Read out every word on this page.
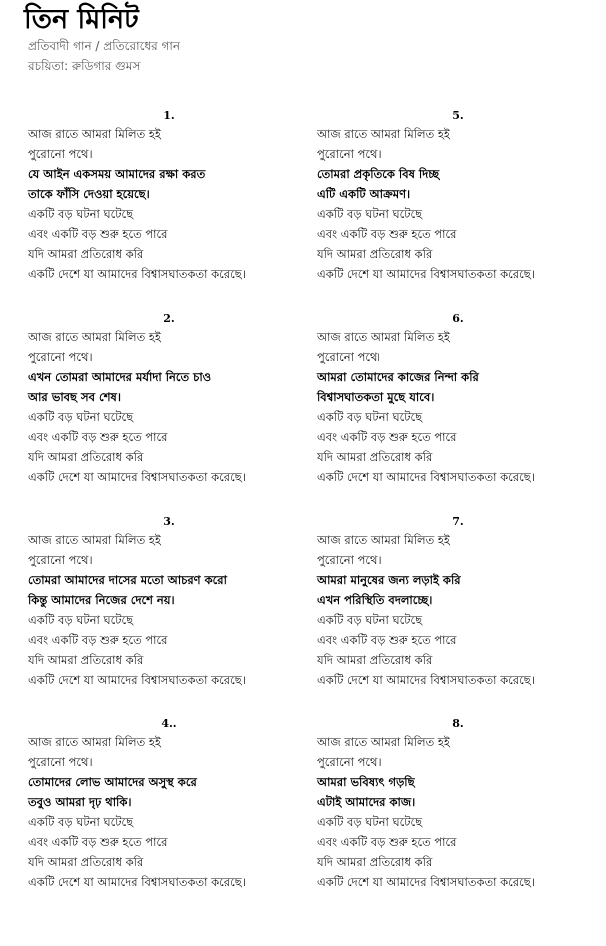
তিন মিনিট
প্রতিবাদী গান / প্রতিরোধের গান
রচয়িতা: রুডিগার গুমস
1.
আজ রাতে আমরা মিলিত হই
পুরোনো পথে।
যে আইন একসময় আমাদের রক্ষা করত
তাকে ফাঁসি দেওয়া হয়েছে।
একটি বড় ঘটনা ঘটেছে
এবং একটি বড় শুরু হতে পারে
যদি আমরা প্রতিরোধ করি
একটি দেশে যা আমাদের বিশ্বাসঘাতকতা করেছে।
2.
আজ রাতে আমরা মিলিত হই
পুরোনো পথে।
এখন তোমরা আমাদের মর্যাদা নিতে চাও
আর ভাবছ সব শেষ।
একটি বড় ঘটনা ঘটেছে
এবং একটি বড় শুরু হতে পারে
যদি আমরা প্রতিরোধ করি
একটি দেশে যা আমাদের বিশ্বাসঘাতকতা করেছে।
3.
আজ রাতে আমরা মিলিত হই
পুরোনো পথে।
তোমরা আমাদের দাসের মতো আচরণ করো
কিন্তু আমাদের নিজের দেশে নয়।
একটি বড় ঘটনা ঘটেছে
এবং একটি বড় শুরু হতে পারে
যদি আমরা প্রতিরোধ করি
একটি দেশে যা আমাদের বিশ্বাসঘাতকতা করেছে।
4..
আজ রাতে আমরা মিলিত হই
পুরোনো পথে।
তোমাদের লোভ আমাদের অসুস্থ করে
তবুও আমরা দৃঢ় থাকি।
একটি বড় ঘটনা ঘটেছে
এবং একটি বড় শুরু হতে পারে
যদি আমরা প্রতিরোধ করি
একটি দেশে যা আমাদের বিশ্বাসঘাতকতা করেছে।
5.
আজ রাতে আমরা মিলিত হই
পুরোনো পথে।
তোমরা প্রকৃতিকে বিষ দিচ্ছ
এটি একটি আক্রমণ।
একটি বড় ঘটনা ঘটেছে
এবং একটি বড় শুরু হতে পারে
যদি আমরা প্রতিরোধ করি
একটি দেশে যা আমাদের বিশ্বাসঘাতকতা করেছে।
6.
আজ রাতে আমরা মিলিত হই
পুরোনো পথে৷
আমরা তোমাদের কাজের নিন্দা করি
বিশ্বাসঘাতকতা মুছে যাবে।
একটি বড় ঘটনা ঘটেছে
এবং একটি বড় শুরু হতে পারে
যদি আমরা প্রতিরোধ করি
একটি দেশে যা আমাদের বিশ্বাসঘাতকতা করেছে।
7.
আজ রাতে আমরা মিলিত হই
পুরোনো পথে।
আমরা মানুষের জন্য লড়াই করি
এখন পরিস্থিতি বদলাচ্ছে।
একটি বড় ঘটনা ঘটেছে
এবং একটি বড় শুরু হতে পারে
যদি আমরা প্রতিরোধ করি
একটি দেশে যা আমাদের বিশ্বাসঘাতকতা করেছে।
8.
আজ রাতে আমরা মিলিত হই
পুরোনো পথে।
আমরা ভবিষ্যৎ গড়ছি
এটাই আমাদের কাজ।
একটি বড় ঘটনা ঘটেছে
এবং একটি বড় শুরু হতে পারে
যদি আমরা প্রতিরোধ করি
একটি দেশে যা আমাদের বিশ্বাসঘাতকতা করেছে।
